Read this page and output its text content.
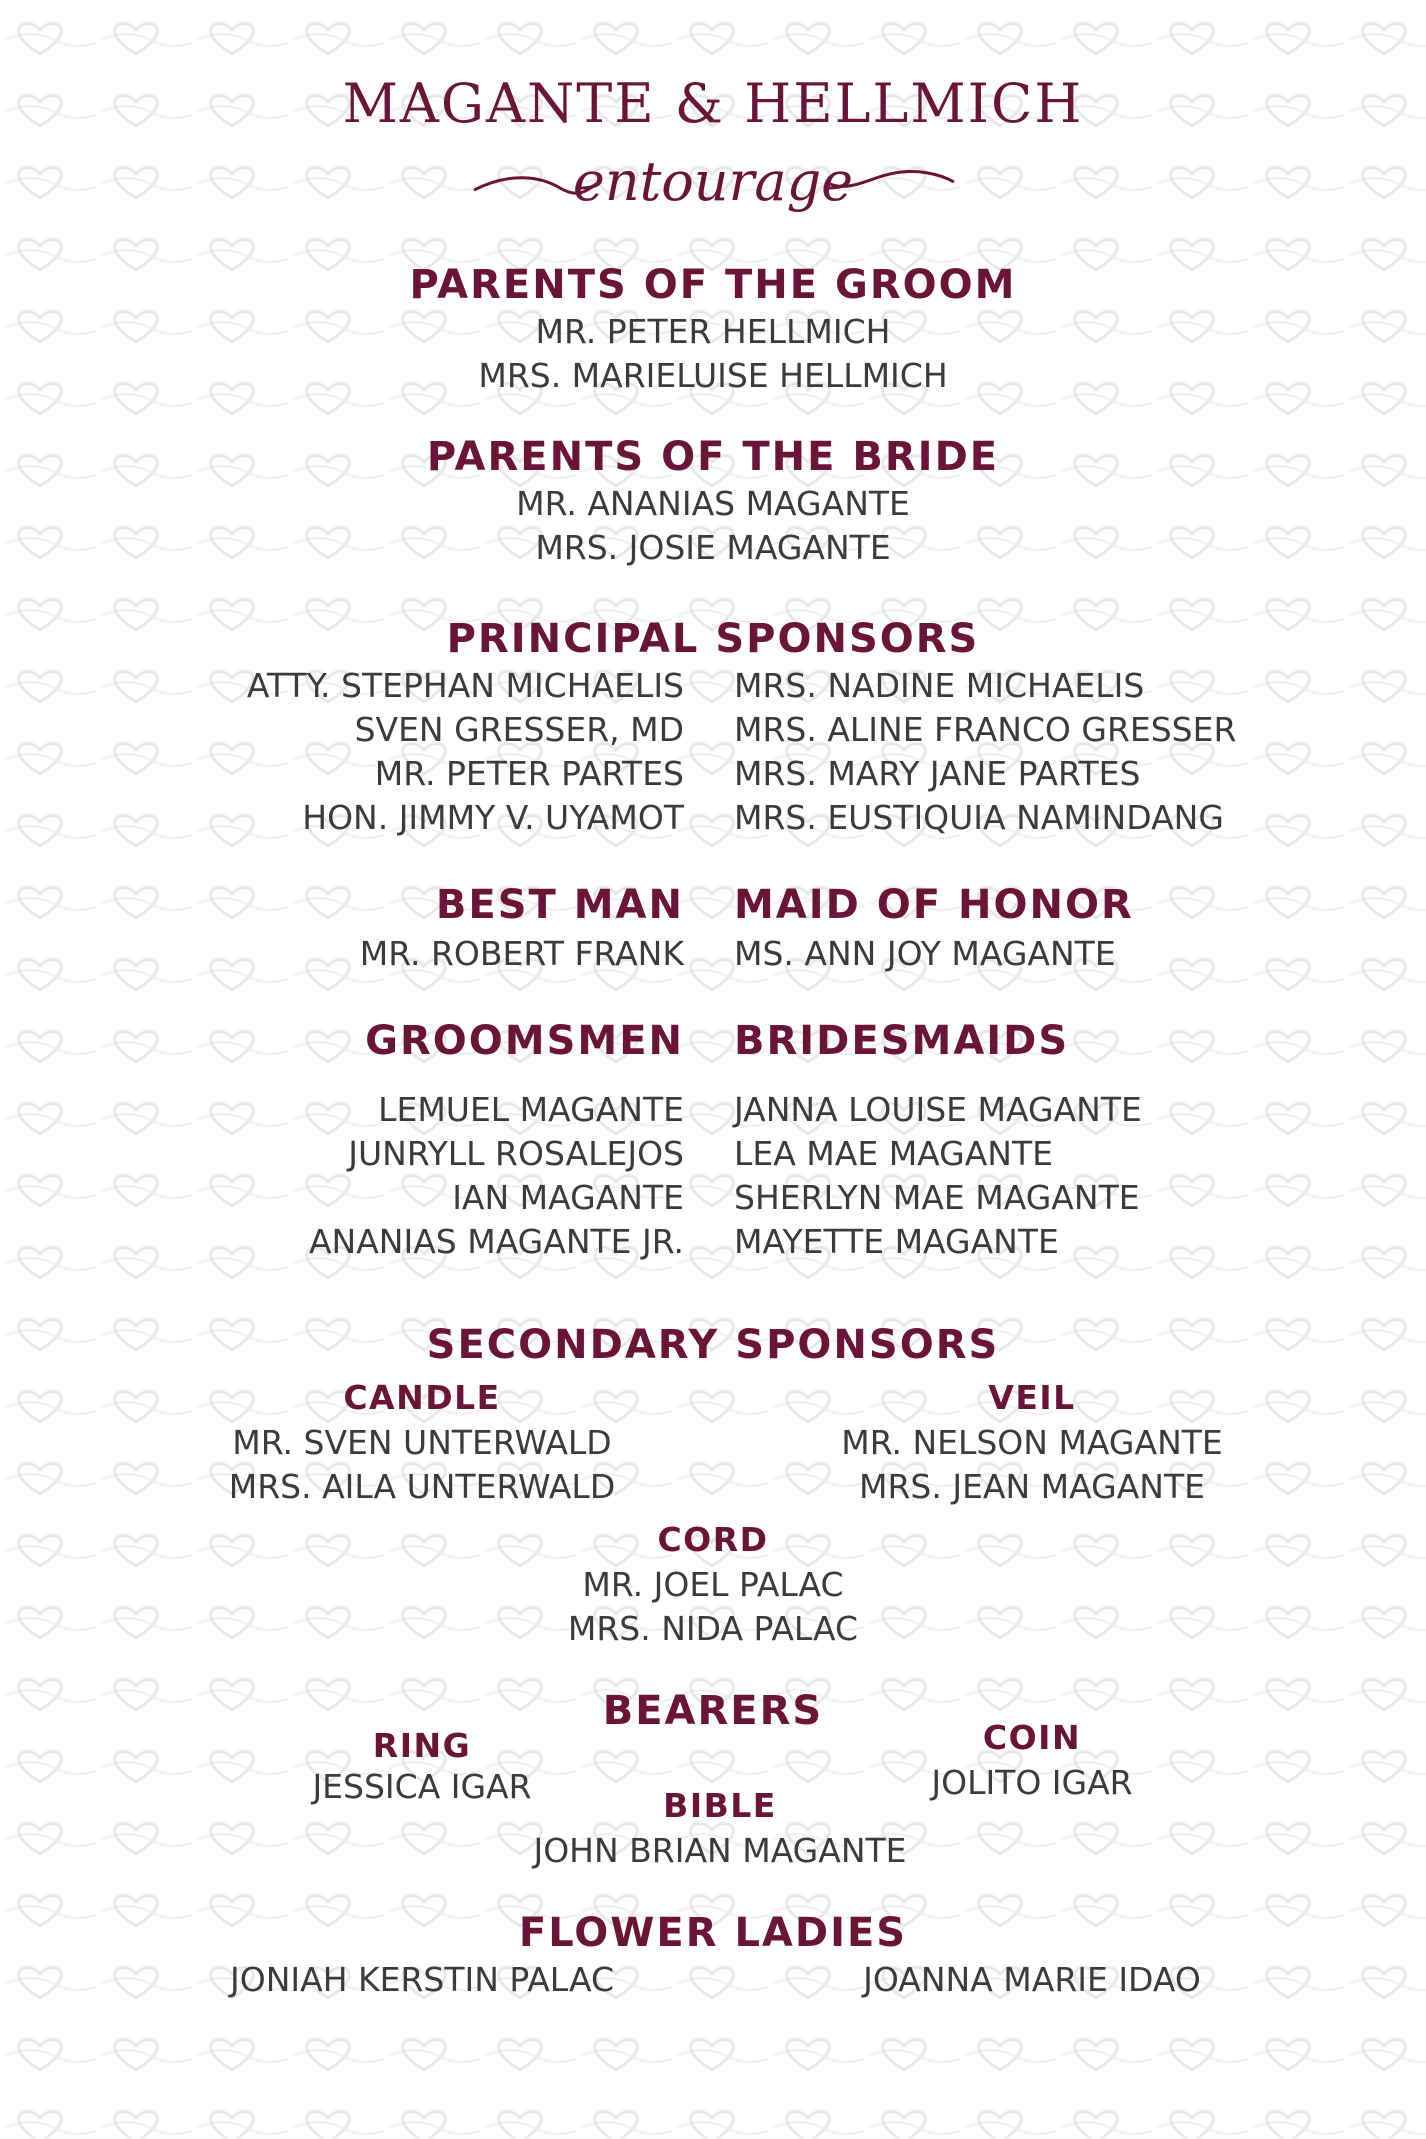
MAGANTE & HELLMICH
entourage
PARENTS OF THE GROOM
MR. PETER HELLMICH
MRS. MARIELUISE HELLMICH
PARENTS OF THE BRIDE
MR. ANANIAS MAGANTE
MRS. JOSIE MAGANTE
PRINCIPAL SPONSORS
ATTY. STEPHAN MICHAELIS
SVEN GRESSER, MD
MR. PETER PARTES
HON. JIMMY V. UYAMOT
MRS. NADINE MICHAELIS
MRS. ALINE FRANCO GRESSER
MRS. MARY JANE PARTES
MRS. EUSTIQUIA NAMINDANG
BEST MAN MAID OF HONOR
MR. ROBERT FRANK MS. ANN JOY MAGANTE
GROOMSMEN BRIDESMAIDS
LEMUEL MAGANTE
JUNRYLL ROSALEJOS
IAN MAGANTE
ANANIAS MAGANTE JR.
JANNA LOUISE MAGANTE
LEA MAE MAGANTE
SHERLYN MAE MAGANTE
MAYETTE MAGANTE
SECONDARY SPONSORS
CANDLE
MR. SVEN UNTERWALD
MRS. AILA UNTERWALD
VEIL
MR. NELSON MAGANTE
MRS. JEAN MAGANTE
CORD
MR. JOEL PALAC
MRS. NIDA PALAC
BEARERS
RING
JESSICA IGAR
COIN
JOLITO IGAR
BIBLE
JOHN BRIAN MAGANTE
FLOWER LADIES
JONIAH KERSTIN PALAC	JOANNA MARIE IDAO
